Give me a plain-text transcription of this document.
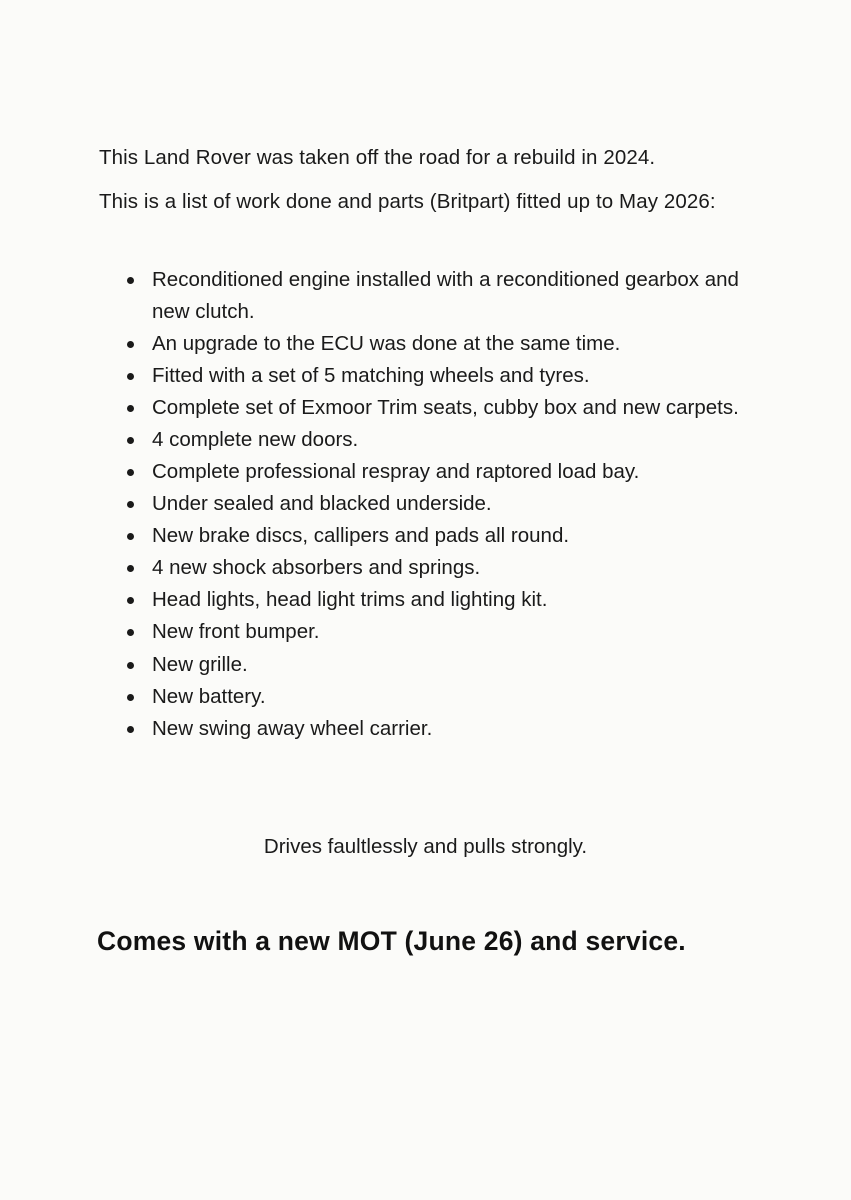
This Land Rover was taken off the road for a rebuild in 2024.

This is a list of work done and parts (Britpart) fitted up to May 2026:

Reconditioned engine installed with a reconditioned gearbox and new clutch.
An upgrade to the ECU was done at the same time.
Fitted with a set of 5 matching wheels and tyres.
Complete set of Exmoor Trim seats, cubby box and new carpets.
4 complete new doors.
Complete professional respray and raptored load bay.
Under sealed and blacked underside.
New brake discs, callipers and pads all round.
4 new shock absorbers and springs.
Head lights, head light trims and lighting kit.
New front bumper.
New grille.
New battery.
New swing away wheel carrier.

Drives faultlessly and pulls strongly.

Comes with a new MOT (June 26) and service.
